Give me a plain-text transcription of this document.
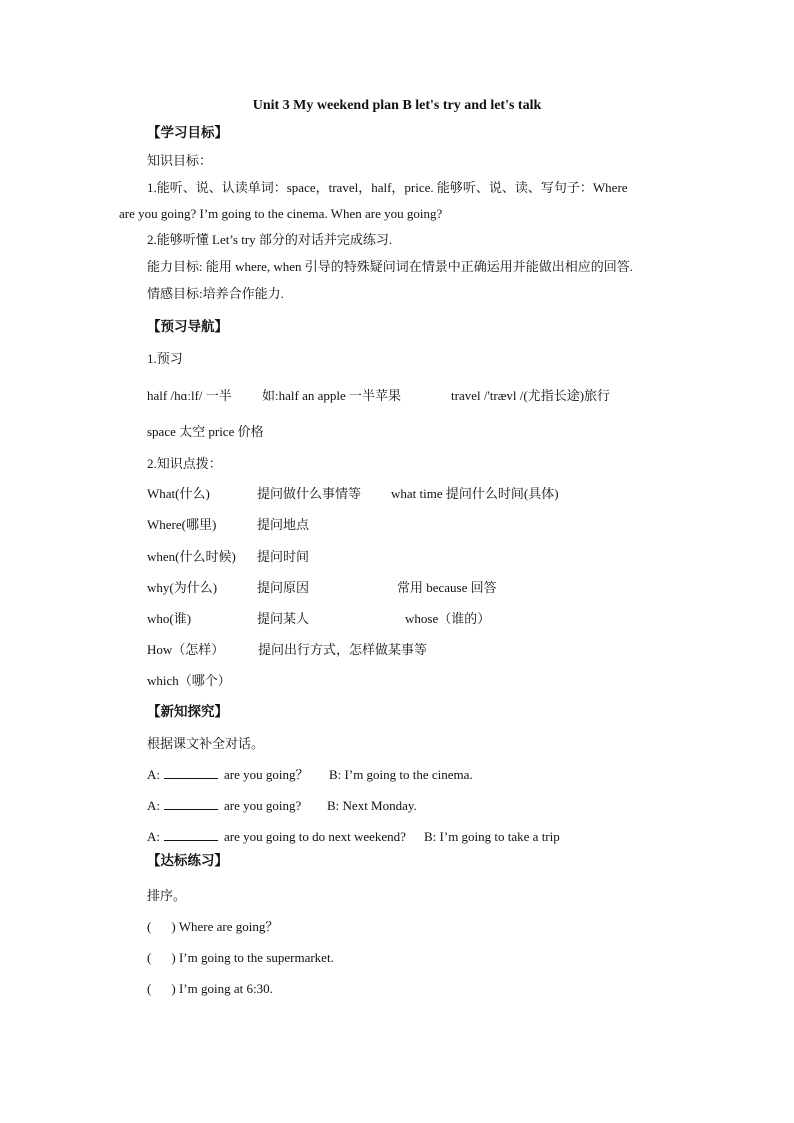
Unit 3 My weekend plan B let's try and let's talk
【学习目标】
知识目标：
1.能听、说、认读单词：space，travel，half，price. 能够听、说、读、写句子：Where
are you going? I’m going to the cinema. When are you going?
2.能够听懂 Let’s try 部分的对话并完成练习.
能力目标: 能用 where, when 引导的特殊疑问词在情景中正确运用并能做出相应的回答.
情感目标:培养合作能力.
【预习导航】
1.预习
half /hɑːlf/ 一半 如:half an apple 一半苹果	travel /'trævl /(尤指长途)旅行
space 太空 price 价格
2.知识点拨：
What(什么)	提问做什么事情等 what time 提问什么时间(具体)
Where(哪里)	提问地点
when(什么时候) 提问时间
why(为什么)	提问原因	常用 because 回答
who(谁)	提问某人	whose（谁的）
How（怎样）	提问出行方式，怎样做某事等
which（哪个）
【新知探究】
根据课文补全对话。
A:	are you going？ B: I’m going to the cinema.
A:	are you going? B: Next Monday.
A:	are you going to do next weekend? B: I’m going to take a trip
【达标练习】
排序。
( ) Where are going？
( ) I’m going to the supermarket.
( ) I’m going at 6:30.
